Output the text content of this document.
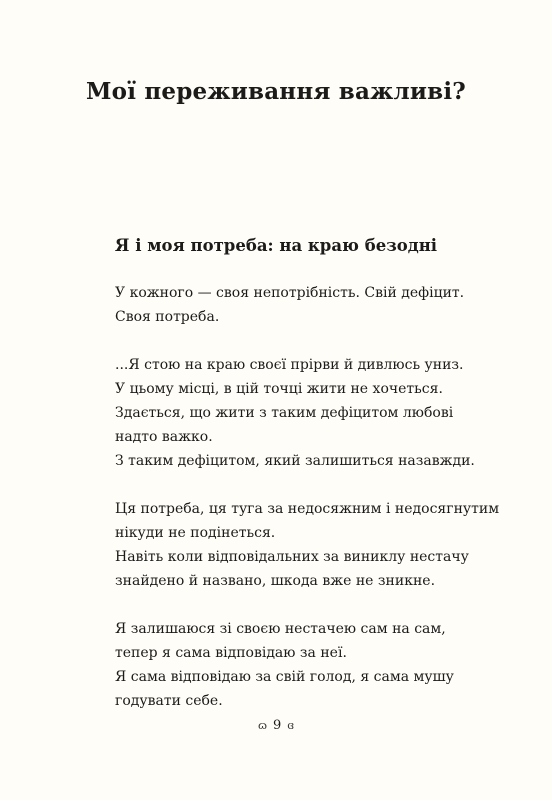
Мої переживання важливі?
Я і моя потреба: на краю безодні

У кожного — своя непотрібність. Свій дефіцит.
Своя потреба.

...Я стою на краю своєї прірви й дивлюсь униз.
У цьому місці, в цій точці жити не хочеться.
Здається, що жити з таким дефіцитом любові
надто важко.
З таким дефіцитом, який залишиться назавжди.

Ця потреба, ця туга за недосяжним і недосягнутим
нікуди не подінеться.
Навіть коли відповідальних за виниклу нестачу
знайдено й названо, шкода вже не зникне.

Я залишаюся зі своєю нестачею сам на сам,
тепер я сама відповідаю за неї.
Я сама відповідаю за свій голод, я сама мушу
годувати себе.

ɷ 9 ɞ
